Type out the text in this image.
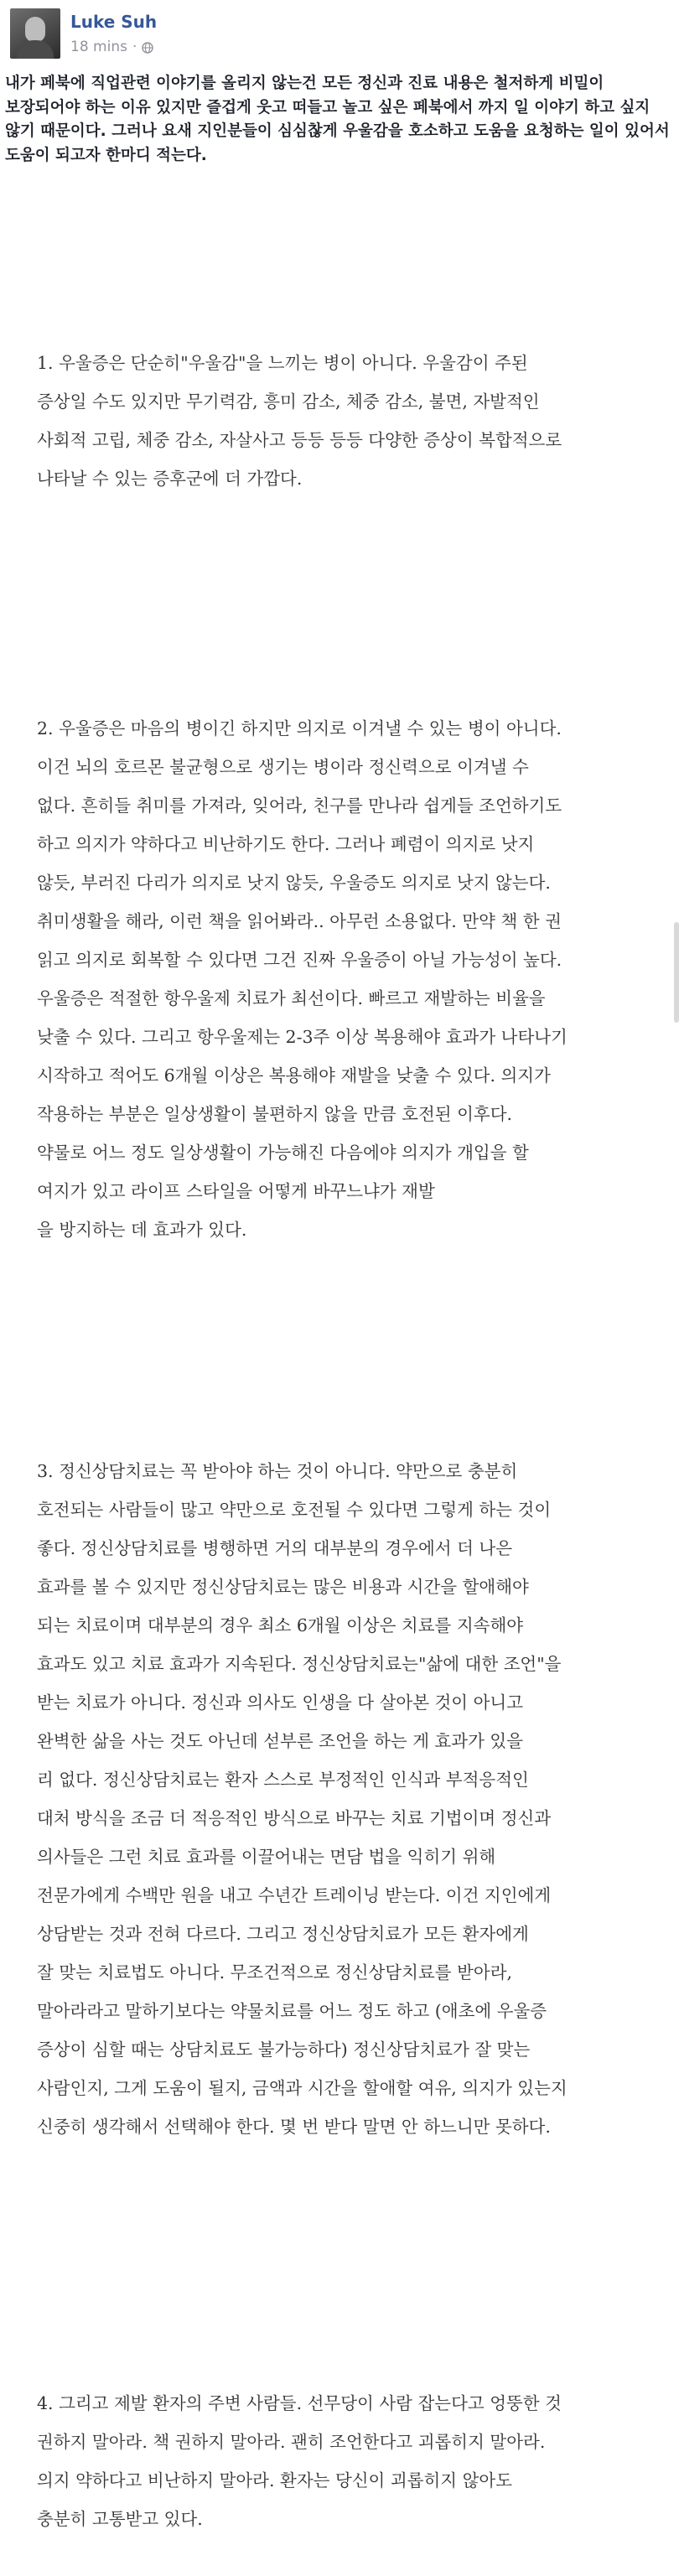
Luke Suh
18 mins ·
내가 페북에 직업관련 이야기를 올리지 않는건 모든 정신과 진료 내용은 철저하게 비밀이 보장되어야 하는 이유 있지만 즐겁게 웃고 떠들고 놀고 싶은 페북에서 까지 일 이야기 하고 싶지 않기 때문이다. 그러나 요새 지인분들이 심심찮게 우울감을 호소하고 도움을 요청하는 일이 있어서 도움이 되고자 한마디 적는다.
1. 우울증은 단순히"우울감"을 느끼는 병이 아니다. 우울감이 주된
증상일 수도 있지만 무기력감, 흥미 감소, 체중 감소, 불면, 자발적인
사회적 고립, 체중 감소, 자살사고 등등 등등 다양한 증상이 복합적으로
나타날 수 있는 증후군에 더 가깝다.
2. 우울증은 마음의 병이긴 하지만 의지로 이겨낼 수 있는 병이 아니다.
이건 뇌의 호르몬 불균형으로 생기는 병이라 정신력으로 이겨낼 수
없다. 흔히들 취미를 가져라, 잊어라, 친구를 만나라 쉽게들 조언하기도
하고 의지가 약하다고 비난하기도 한다. 그러나 폐렴이 의지로 낫지
않듯, 부러진 다리가 의지로 낫지 않듯, 우울증도 의지로 낫지 않는다.
취미생활을 해라, 이런 책을 읽어봐라.. 아무런 소용없다. 만약 책 한 권
읽고 의지로 회복할 수 있다면 그건 진짜 우울증이 아닐 가능성이 높다.
우울증은 적절한 항우울제 치료가 최선이다. 빠르고 재발하는 비율을
낮출 수 있다. 그리고 항우울제는 2-3주 이상 복용해야 효과가 나타나기
시작하고 적어도 6개월 이상은 복용해야 재발을 낮출 수 있다. 의지가
작용하는 부분은 일상생활이 불편하지 않을 만큼 호전된 이후다.
약물로 어느 정도 일상생활이 가능해진 다음에야 의지가 개입을 할
여지가 있고 라이프 스타일을 어떻게 바꾸느냐가 재발
을 방지하는 데 효과가 있다.
3. 정신상담치료는 꼭 받아야 하는 것이 아니다. 약만으로 충분히
호전되는 사람들이 많고 약만으로 호전될 수 있다면 그렇게 하는 것이
좋다. 정신상담치료를 병행하면 거의 대부분의 경우에서 더 나은
효과를 볼 수 있지만 정신상담치료는 많은 비용과 시간을 할애해야
되는 치료이며 대부분의 경우 최소 6개월 이상은 치료를 지속해야
효과도 있고 치료 효과가 지속된다. 정신상담치료는"삶에 대한 조언"을
받는 치료가 아니다. 정신과 의사도 인생을 다 살아본 것이 아니고
완벽한 삶을 사는 것도 아닌데 섣부른 조언을 하는 게 효과가 있을
리 없다. 정신상담치료는 환자 스스로 부정적인 인식과 부적응적인
대처 방식을 조금 더 적응적인 방식으로 바꾸는 치료 기법이며 정신과
의사들은 그런 치료 효과를 이끌어내는 면담 법을 익히기 위해
전문가에게 수백만 원을 내고 수년간 트레이닝 받는다. 이건 지인에게
상담받는 것과 전혀 다르다. 그리고 정신상담치료가 모든 환자에게
잘 맞는 치료법도 아니다. 무조건적으로 정신상담치료를 받아라,
말아라라고 말하기보다는 약물치료를 어느 정도 하고 (애초에 우울증
증상이 심할 때는 상담치료도 불가능하다) 정신상담치료가 잘 맞는
사람인지, 그게 도움이 될지, 금액과 시간을 할애할 여유, 의지가 있는지
신중히 생각해서 선택해야 한다. 몇 번 받다 말면 안 하느니만 못하다.
4. 그리고 제발 환자의 주변 사람들. 선무당이 사람 잡는다고 엉뚱한 것
권하지 말아라. 책 권하지 말아라. 괜히 조언한다고 괴롭히지 말아라.
의지 약하다고 비난하지 말아라. 환자는 당신이 괴롭히지 않아도
충분히 고통받고 있다.
